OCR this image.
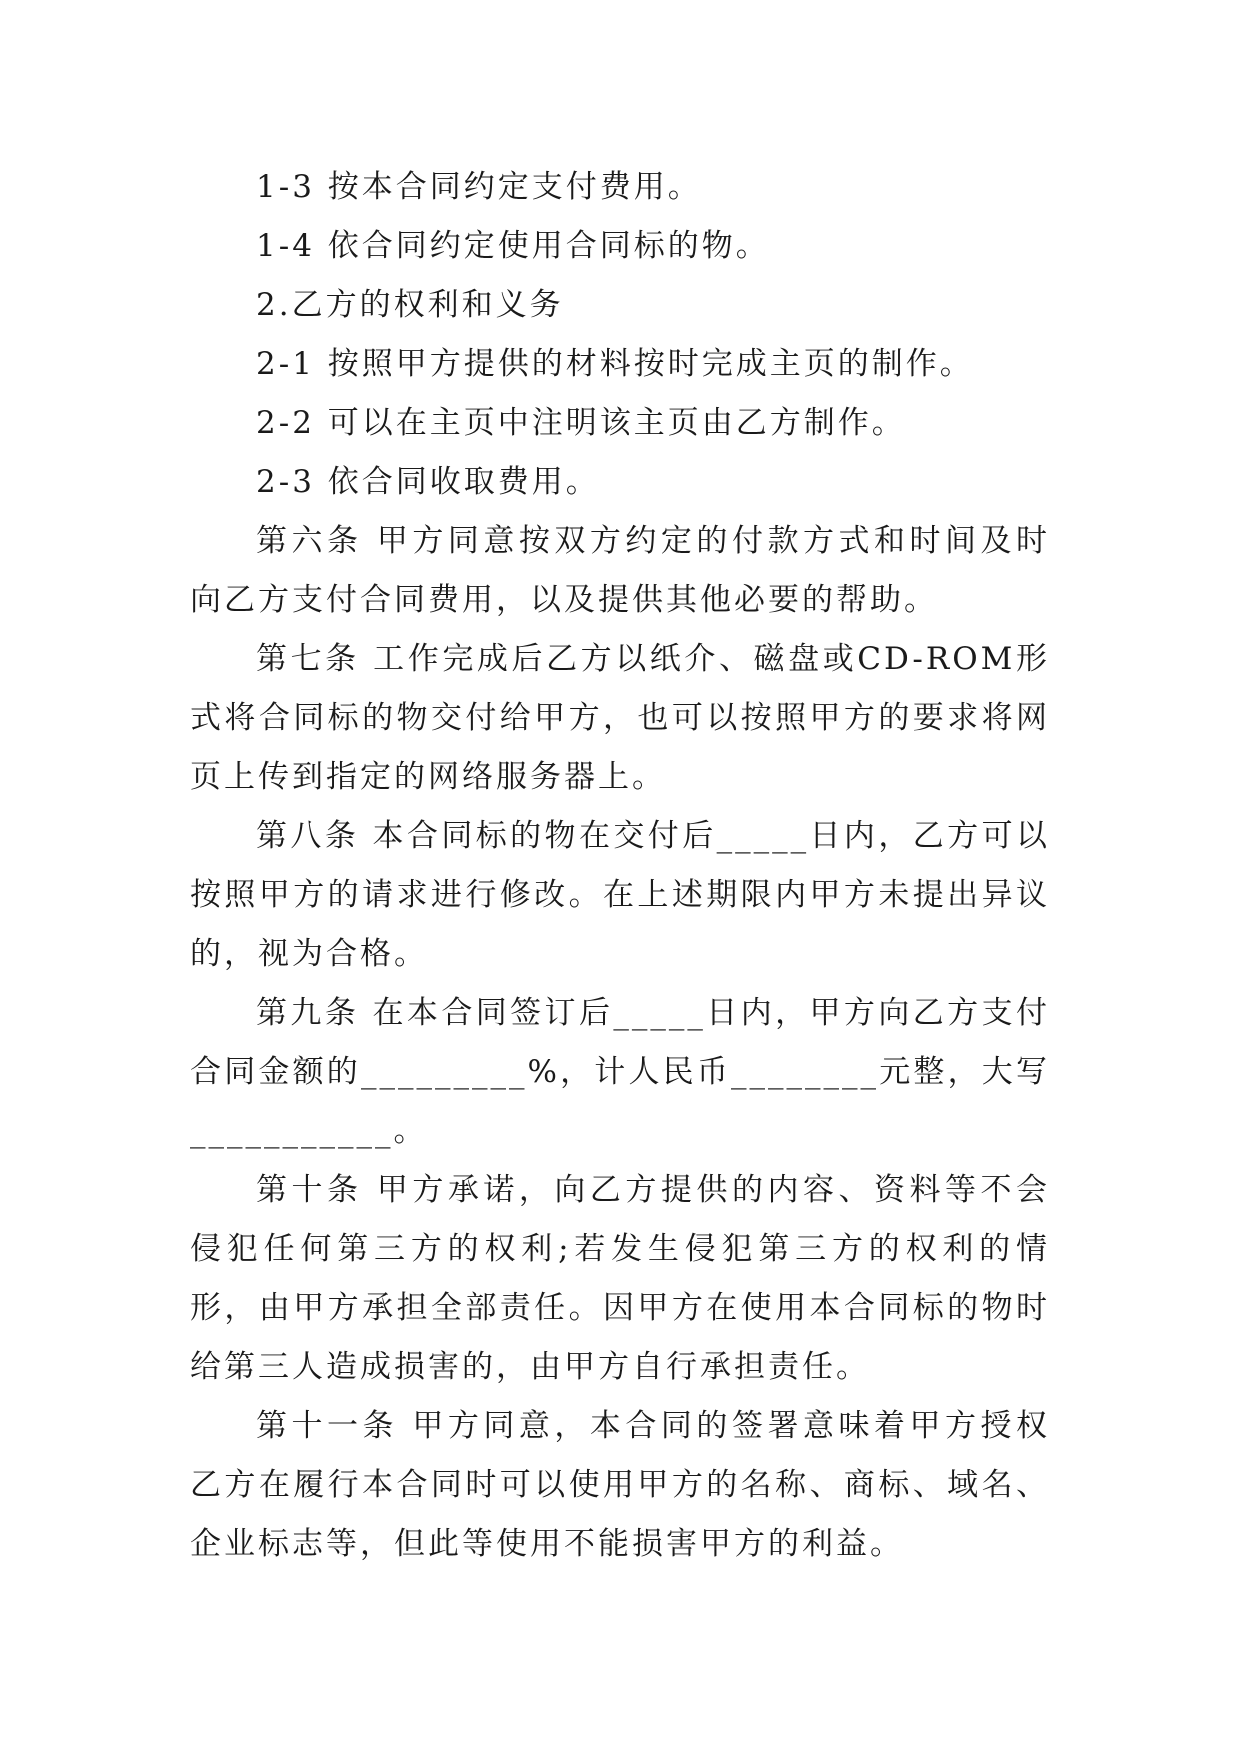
1-3 按本合同约定支付费用。

1-4 依合同约定使用合同标的物。

2.乙方的权利和义务

2-1 按照甲方提供的材料按时完成主页的制作。

2-2 可以在主页中注明该主页由乙方制作。

2-3 依合同收取费用。

第六条 甲方同意按双方约定的付款方式和时间及时向乙方支付合同费用，以及提供其他必要的帮助。

第七条 工作完成后乙方以纸介、磁盘或CD-ROM形式将合同标的物交付给甲方，也可以按照甲方的要求将网页上传到指定的网络服务器上。

第八条 本合同标的物在交付后_____日内，乙方可以按照甲方的请求进行修改。在上述期限内甲方未提出异议的，视为合格。

第九条 在本合同签订后_____日内，甲方向乙方支付合同金额的_________%，计人民币________元整，大写___________。

第十条 甲方承诺，向乙方提供的内容、资料等不会侵犯任何第三方的权利;若发生侵犯第三方的权利的情形，由甲方承担全部责任。因甲方在使用本合同标的物时给第三人造成损害的，由甲方自行承担责任。

第十一条 甲方同意，本合同的签署意味着甲方授权乙方在履行本合同时可以使用甲方的名称、商标、域名、企业标志等，但此等使用不能损害甲方的利益。
